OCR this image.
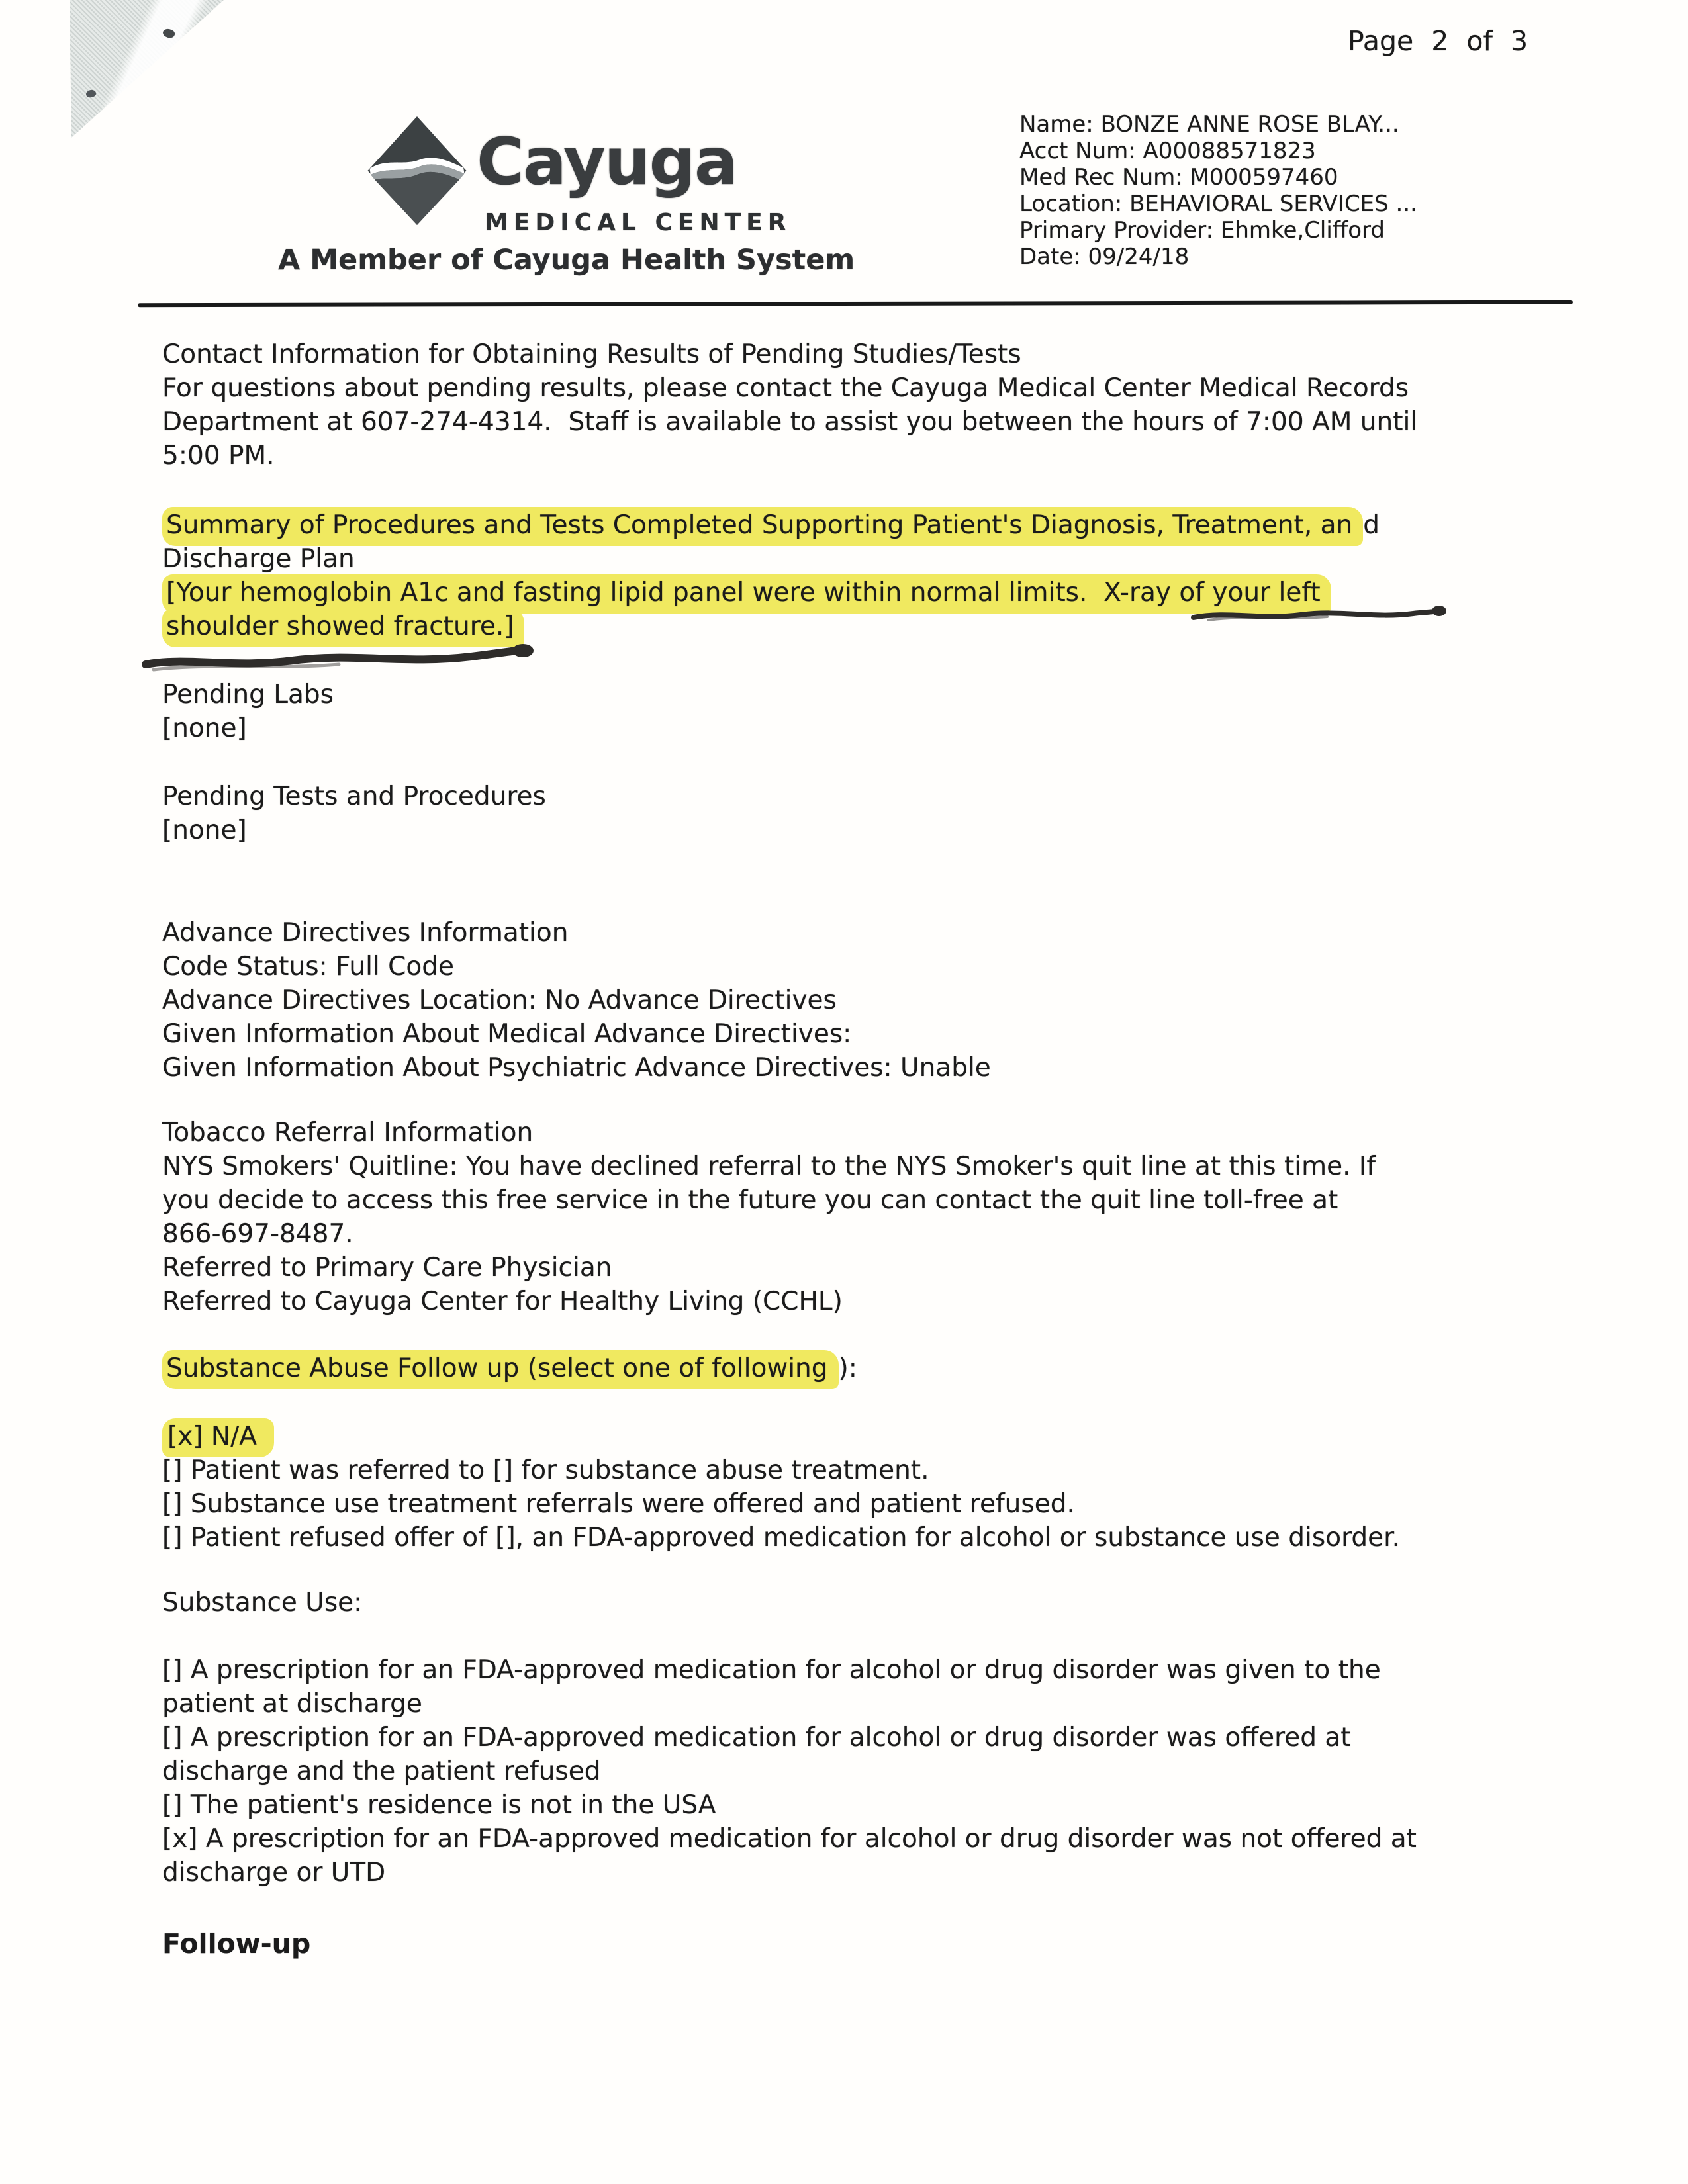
Page 2 of 3
Cayuga
MEDICAL CENTER
A Member of Cayuga Health System
Name: BONZE ANNE ROSE BLAY...
Acct Num: A00088571823
Med Rec Num: M000597460
Location: BEHAVIORAL SERVICES ...
Primary Provider: Ehmke,Clifford
Date: 09/24/18
Contact Information for Obtaining Results of Pending Studies/Tests
For questions about pending results, please contact the Cayuga Medical Center Medical Records
Department at 607-274-4314.  Staff is available to assist you between the hours of 7:00 AM until
5:00 PM.
Summary of Procedures and Tests Completed Supporting Patient's Diagnosis, Treatment, an d
Discharge Plan
[Your hemoglobin A1c and fasting lipid panel were within normal limits.  X-ray of your left
shoulder showed fracture.]
Pending Labs
[none]
Pending Tests and Procedures
[none]
Advance Directives Information
Code Status: Full Code
Advance Directives Location: No Advance Directives
Given Information About Medical Advance Directives:
Given Information About Psychiatric Advance Directives: Unable
Tobacco Referral Information
NYS Smokers' Quitline: You have declined referral to the NYS Smoker's quit line at this time. If
you decide to access this free service in the future you can contact the quit line toll-free at
866-697-8487.
Referred to Primary Care Physician
Referred to Cayuga Center for Healthy Living (CCHL)
Substance Abuse Follow up (select one of following ):
[x] N/A
[] Patient was referred to [] for substance abuse treatment.
[] Substance use treatment referrals were offered and patient refused.
[] Patient refused offer of [], an FDA-approved medication for alcohol or substance use disorder.
Substance Use:
[] A prescription for an FDA-approved medication for alcohol or drug disorder was given to the
patient at discharge
[] A prescription for an FDA-approved medication for alcohol or drug disorder was offered at
discharge and the patient refused
[] The patient's residence is not in the USA
[x] A prescription for an FDA-approved medication for alcohol or drug disorder was not offered at
discharge or UTD
Follow-up
